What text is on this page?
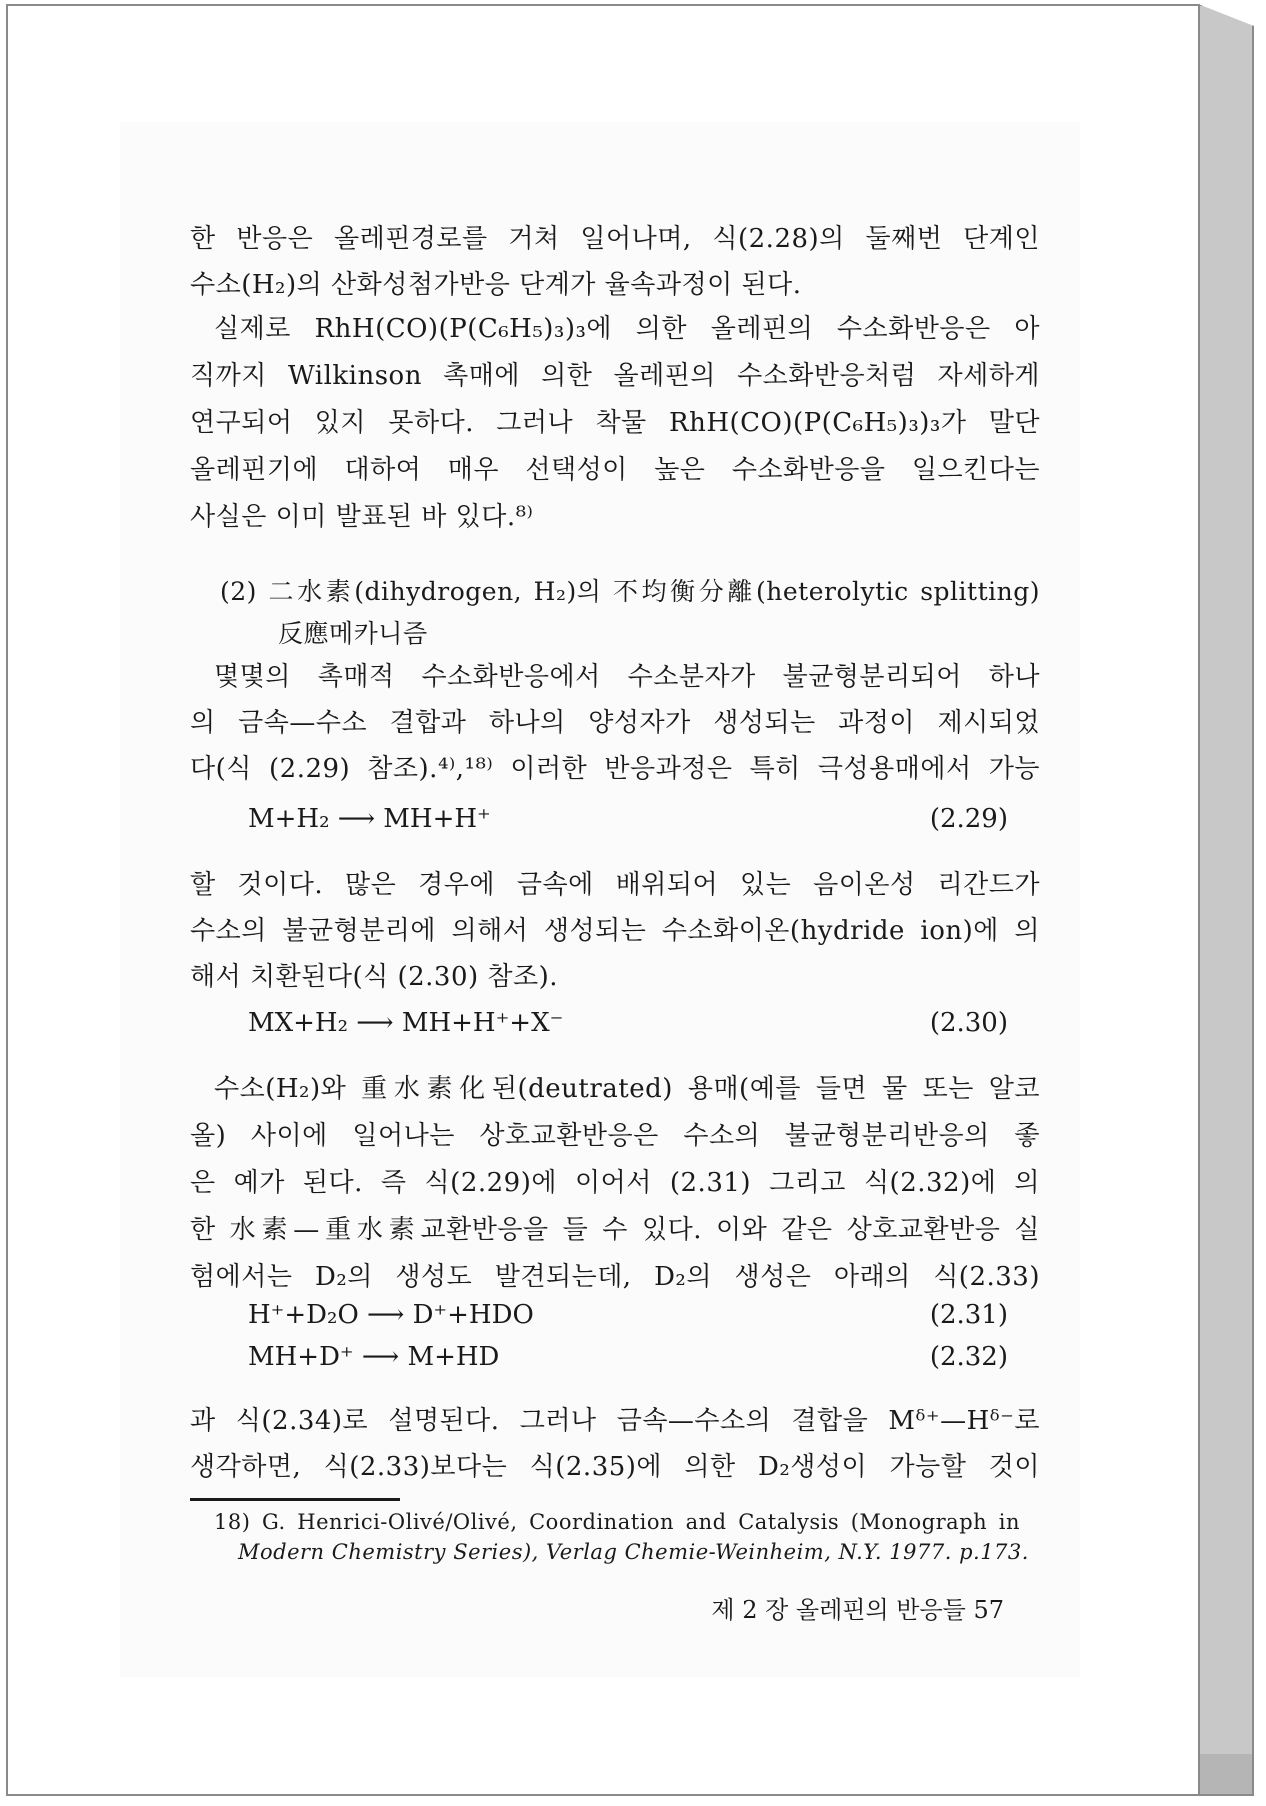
한 반응은 올레핀경로를 거쳐 일어나며, 식(2.28)의 둘째번 단계인
수소(H₂)의 산화성첨가반응 단계가 율속과정이 된다.
실제로 RhH(CO)(P(C₆H₅)₃)₃에 의한 올레핀의 수소화반응은 아
직까지 Wilkinson 촉매에 의한 올레핀의 수소화반응처럼 자세하게
연구되어 있지 못하다. 그러나 착물 RhH(CO)(P(C₆H₅)₃)₃가 말단
올레핀기에 대하여 매우 선택성이 높은 수소화반응을 일으킨다는
사실은 이미 발표된 바 있다.⁸⁾
(2) 二水素(dihydrogen, H₂)의 不均衡分離(heterolytic splitting)
反應메카니즘
몇몇의 촉매적 수소화반응에서 수소분자가 불균형분리되어 하나
의 금속—수소 결합과 하나의 양성자가 생성되는 과정이 제시되었
다(식 (2.29) 참조).⁴⁾,¹⁸⁾ 이러한 반응과정은 특히 극성용매에서 가능
M+H₂ ⟶ MH+H⁺	(2.29)
할 것이다. 많은 경우에 금속에 배위되어 있는 음이온성 리간드가
수소의 불균형분리에 의해서 생성되는 수소화이온(hydride ion)에 의
해서 치환된다(식 (2.30) 참조).
MX+H₂ ⟶ MH+H⁺+X⁻	(2.30)
수소(H₂)와 重水素化된(deutrated) 용매(예를 들면 물 또는 알코
올) 사이에 일어나는 상호교환반응은 수소의 불균형분리반응의 좋
은 예가 된다. 즉 식(2.29)에 이어서 (2.31) 그리고 식(2.32)에 의
한 水素—重水素교환반응을 들 수 있다. 이와 같은 상호교환반응 실
험에서는 D₂의 생성도 발견되는데, D₂의 생성은 아래의 식(2.33)
H⁺+D₂O ⟶ D⁺+HDO	(2.31)
MH+D⁺ ⟶ M+HD	(2.32)
과 식(2.34)로 설명된다. 그러나 금속—수소의 결합을 Mᵟ⁺—Hᵟ⁻로
생각하면, 식(2.33)보다는 식(2.35)에 의한 D₂생성이 가능할 것이
18) G. Henrici-Olivé/Olivé, Coordination and Catalysis (Monograph in
Modern Chemistry Series), Verlag Chemie-Weinheim, N.Y. 1977. p.173.
제 2 장 올레핀의 반응들 57
